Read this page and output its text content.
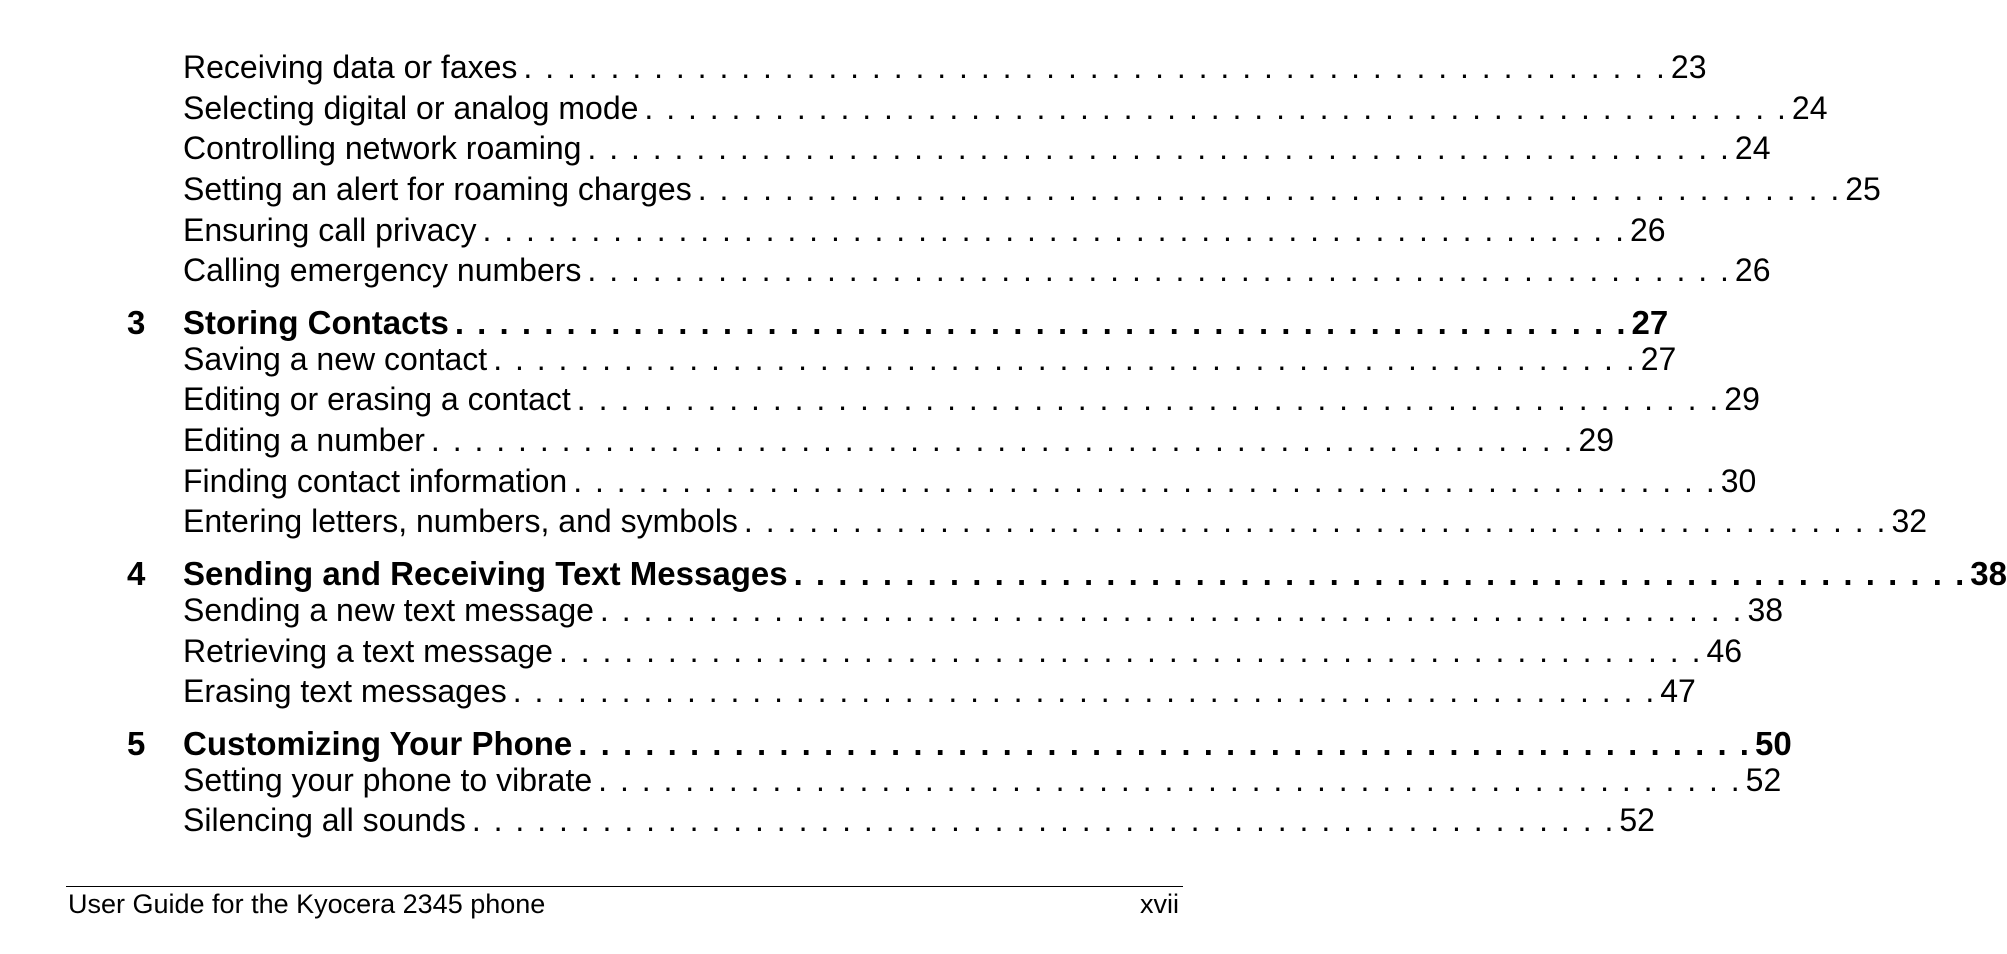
Receiving data or faxes . . . . . . . . . . . . . . . . . . . . . . . . . . . . . . . . . . . . . . . . . . . . . . . . . . . . . 23
Selecting digital or analog mode . . . . . . . . . . . . . . . . . . . . . . . . . . . . . . . . . . . . . . . . . . . . . . . . . . . . . 24
Controlling network roaming . . . . . . . . . . . . . . . . . . . . . . . . . . . . . . . . . . . . . . . . . . . . . . . . . . . . . 24
Setting an alert for roaming charges . . . . . . . . . . . . . . . . . . . . . . . . . . . . . . . . . . . . . . . . . . . . . . . . . . . . . 25
Ensuring call privacy . . . . . . . . . . . . . . . . . . . . . . . . . . . . . . . . . . . . . . . . . . . . . . . . . . . . . 26
Calling emergency numbers . . . . . . . . . . . . . . . . . . . . . . . . . . . . . . . . . . . . . . . . . . . . . . . . . . . . . 26
3 Storing Contacts . . . . . . . . . . . . . . . . . . . . . . . . . . . . . . . . . . . . . . . . . . . . . . . . . . . . . 27
Saving a new contact . . . . . . . . . . . . . . . . . . . . . . . . . . . . . . . . . . . . . . . . . . . . . . . . . . . . . 27
Editing or erasing a contact . . . . . . . . . . . . . . . . . . . . . . . . . . . . . . . . . . . . . . . . . . . . . . . . . . . . . 29
Editing a number . . . . . . . . . . . . . . . . . . . . . . . . . . . . . . . . . . . . . . . . . . . . . . . . . . . . . 29
Finding contact information . . . . . . . . . . . . . . . . . . . . . . . . . . . . . . . . . . . . . . . . . . . . . . . . . . . . . 30
Entering letters, numbers, and symbols . . . . . . . . . . . . . . . . . . . . . . . . . . . . . . . . . . . . . . . . . . . . . . . . . . . . . 32
4 Sending and Receiving Text Messages . . . . . . . . . . . . . . . . . . . . . . . . . . . . . . . . . . . . . . . . . . . . . . . . . . . . . 38
Sending a new text message . . . . . . . . . . . . . . . . . . . . . . . . . . . . . . . . . . . . . . . . . . . . . . . . . . . . . 38
Retrieving a text message . . . . . . . . . . . . . . . . . . . . . . . . . . . . . . . . . . . . . . . . . . . . . . . . . . . . . 46
Erasing text messages . . . . . . . . . . . . . . . . . . . . . . . . . . . . . . . . . . . . . . . . . . . . . . . . . . . . . 47
5 Customizing Your Phone . . . . . . . . . . . . . . . . . . . . . . . . . . . . . . . . . . . . . . . . . . . . . . . . . . . . . 50
Setting your phone to vibrate . . . . . . . . . . . . . . . . . . . . . . . . . . . . . . . . . . . . . . . . . . . . . . . . . . . . . 52
Silencing all sounds . . . . . . . . . . . . . . . . . . . . . . . . . . . . . . . . . . . . . . . . . . . . . . . . . . . . . 52
User Guide for the Kyocera 2345 phone	xvii
